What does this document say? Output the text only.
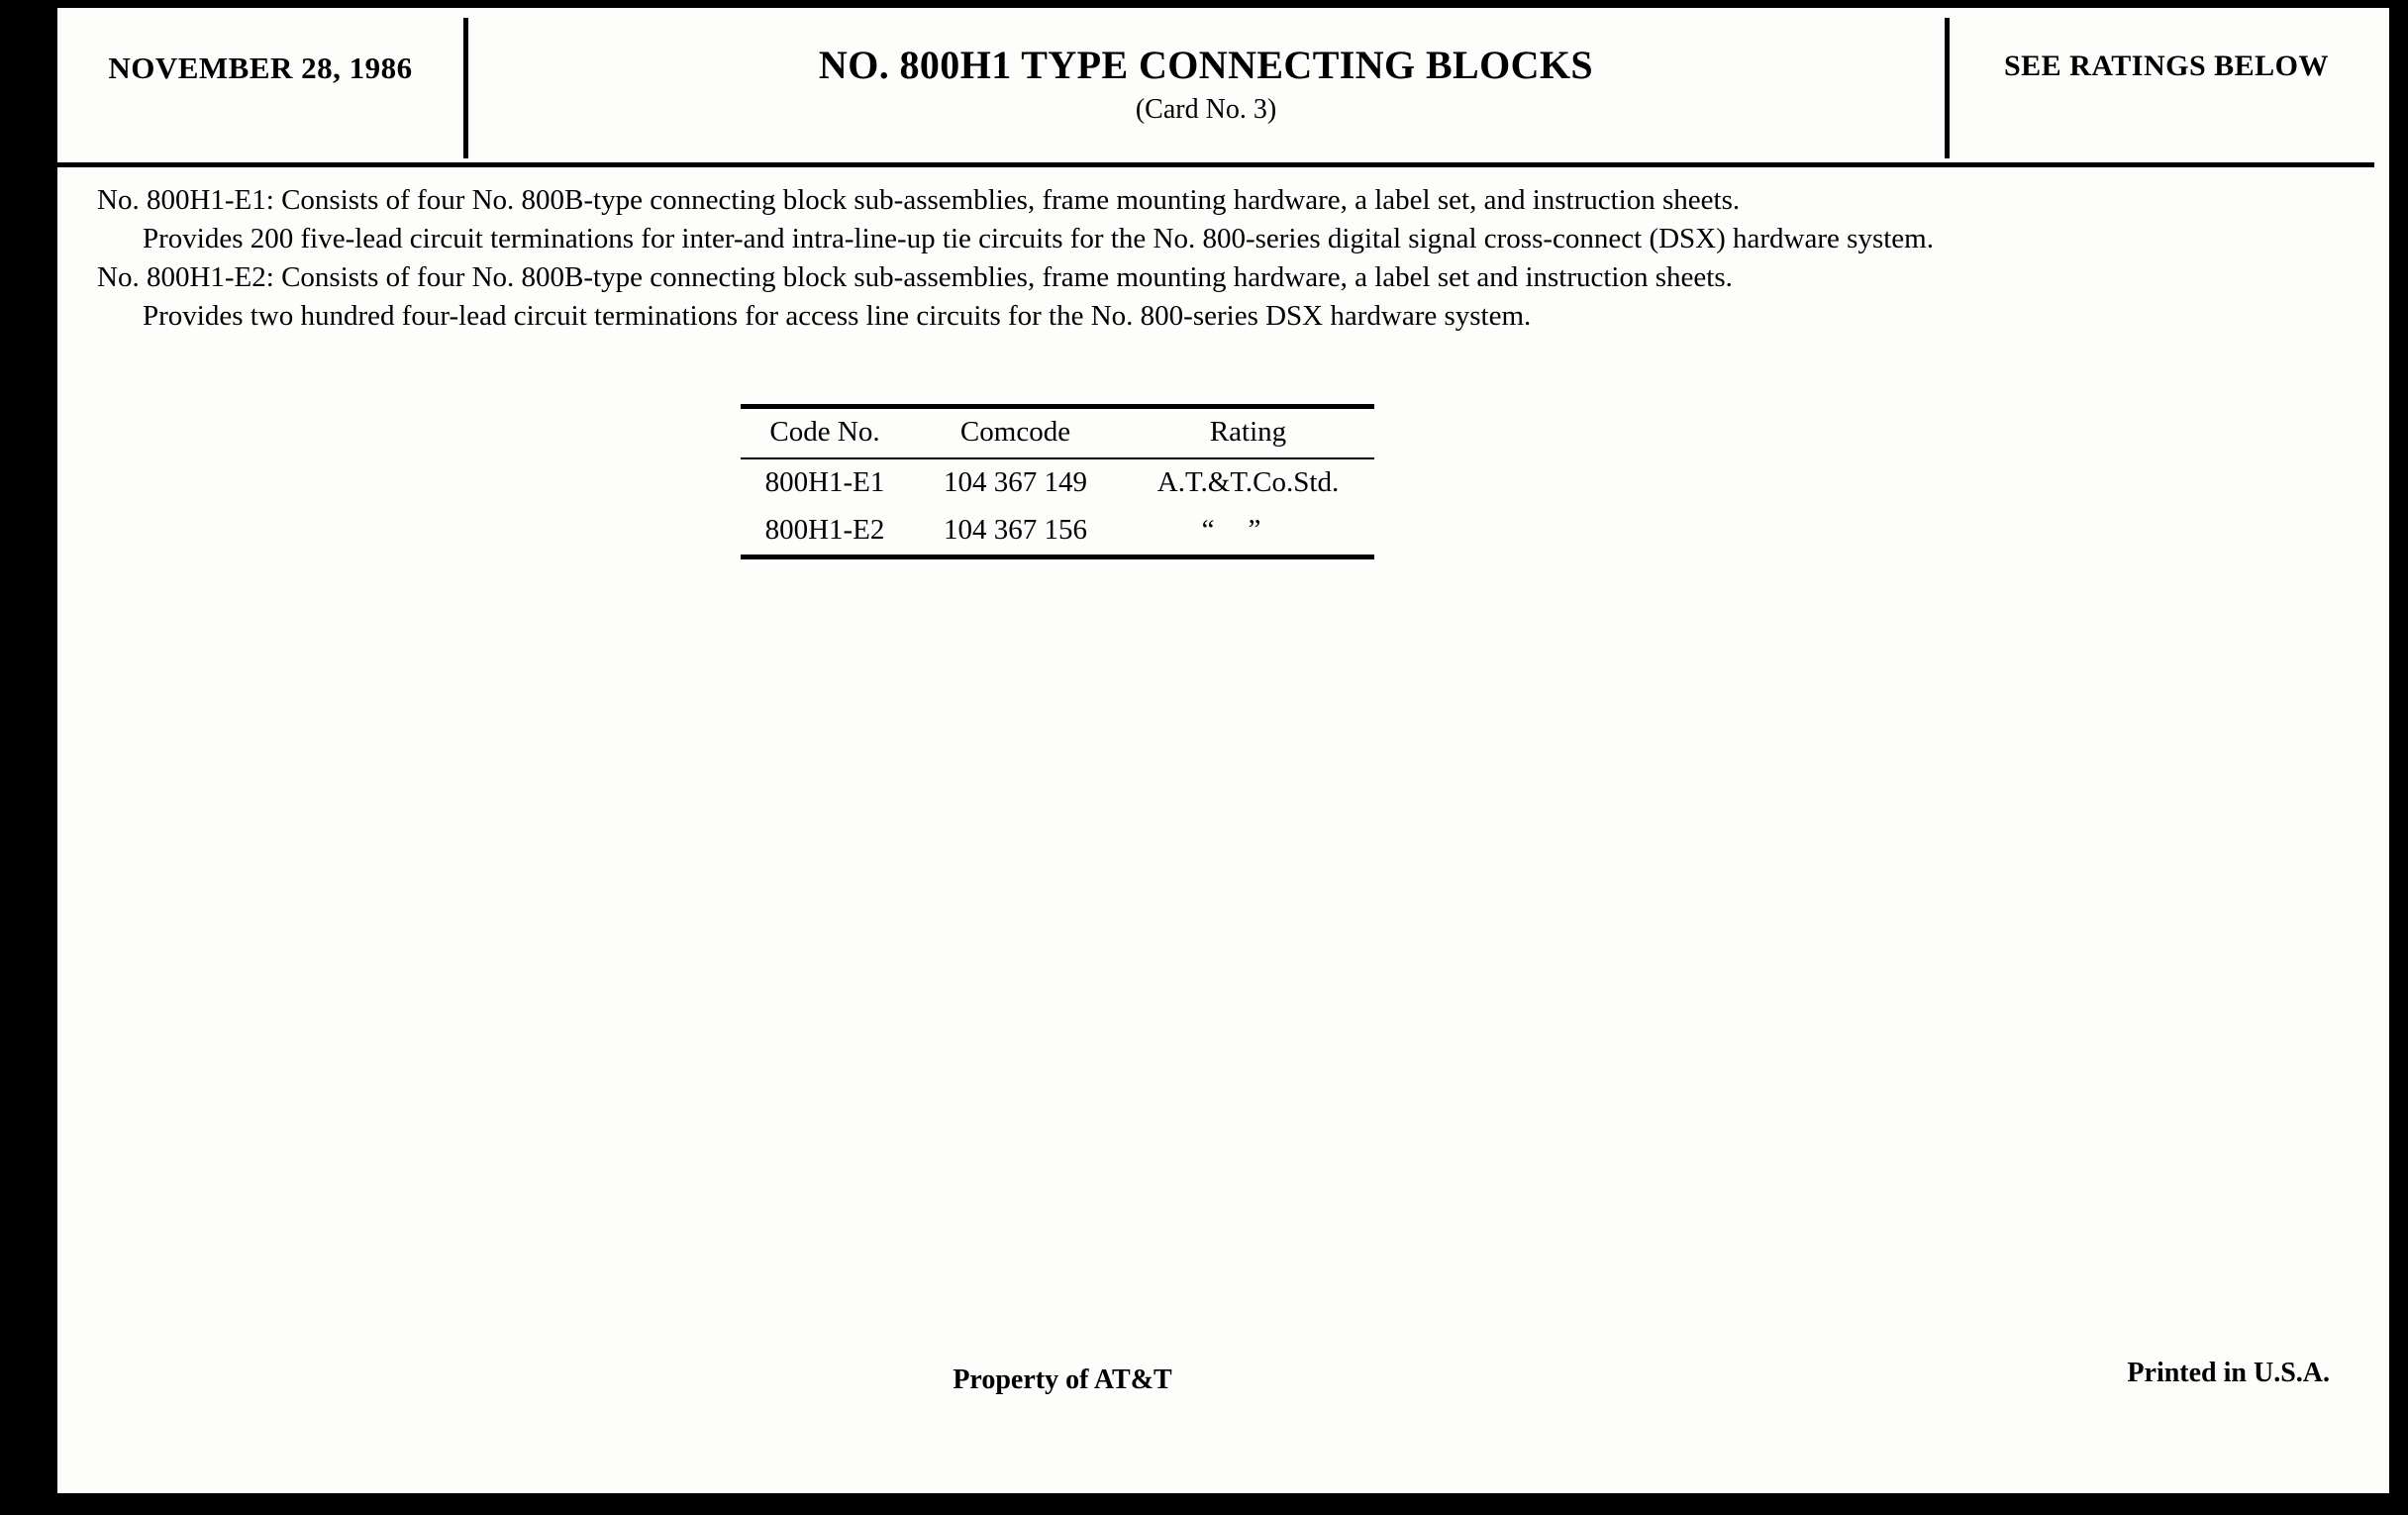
NOVEMBER 28, 1986	NO. 800H1 TYPE CONNECTING BLOCKS
(Card No. 3)
SEE RATINGS BELOW

No. 800H1-E1: Consists of four No. 800B-type connecting block sub-assemblies, frame mounting hardware, a label set, and instruction sheets.

Provides 200 five-lead circuit terminations for inter-and intra-line-up tie circuits for the No. 800-series digital signal cross-connect (DSX) hardware system.

No. 800H1-E2: Consists of four No. 800B-type connecting block sub-assemblies, frame mounting hardware, a label set and instruction sheets.

Provides two hundred four-lead circuit terminations for access line circuits for the No. 800-series DSX hardware system.

Code No.	Comcode	Rating
800H1-E1	104 367 149	A.T.&T.Co.Std.
800H1-E2	104 367 156	“”
Property of AT&T	Printed in U.S.A.
